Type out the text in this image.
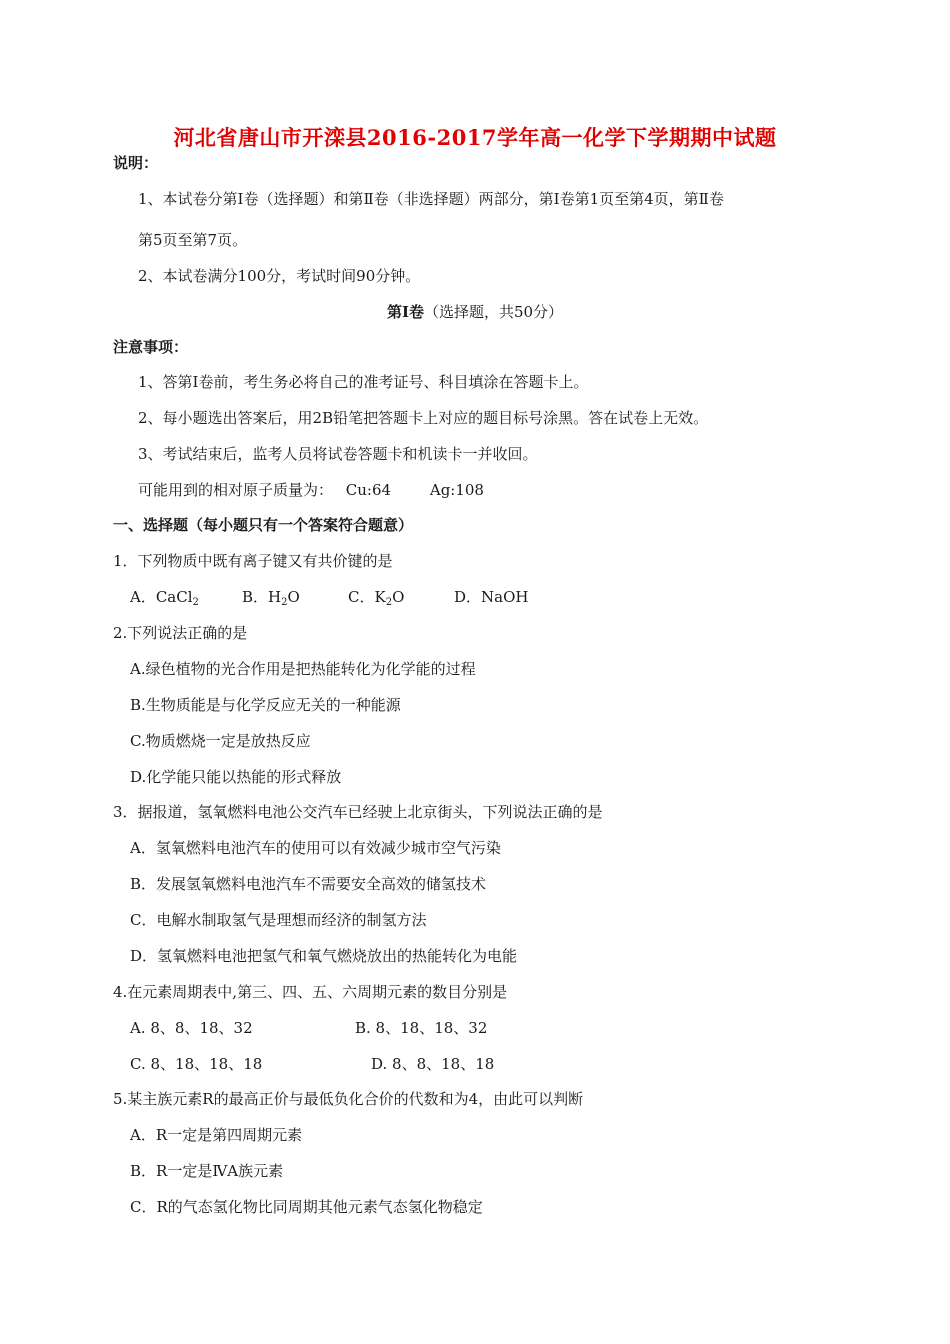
河北省唐山市开滦县2016-2017学年高一化学下学期期中试题
说明：
1、本试卷分第Ⅰ卷（选择题）和第Ⅱ卷（非选择题）两部分，第Ⅰ卷第1页至第4页，第Ⅱ卷
第5页至第7页。
2、本试卷满分100分，考试时间90分钟。
第Ⅰ卷（选择题，共50分）
注意事项：
1、答第Ⅰ卷前，考生务必将自己的准考证号、科目填涂在答题卡上。
2、每小题选出答案后，用2B铅笔把答题卡上对应的题目标号涂黑。答在试卷上无效。
3、考试结束后，监考人员将试卷答题卡和机读卡一并收回。
可能用到的相对原子质量为： Cu:64	Ag:108
一、选择题（每小题只有一个答案符合题意）
1．下列物质中既有离子键又有共价键的是
A．CaCl$_2$	B．$H_2O$	C．$K_2O$	D．NaOH
2.下列说法正确的是
A.绿色植物的光合作用是把热能转化为化学能的过程
B.生物质能是与化学反应无关的一种能源
C.物质燃烧一定是放热反应
D.化学能只能以热能的形式释放
3．据报道，氢氧燃料电池公交汽车已经驶上北京街头，下列说法正确的是
A．氢氧燃料电池汽车的使用可以有效减少城市空气污染
B．发展氢氧燃料电池汽车不需要安全高效的储氢技术
C．电解水制取氢气是理想而经济的制氢方法
D．氢氧燃料电池把氢气和氧气燃烧放出的热能转化为电能
4.在元素周期表中,第三、四、五、六周期元素的数目分别是
A. 8、8、18、32	B. 8、18、18、32
C. 8、18、18、18	D. 8、8、18、18
5.某主族元素R的最高正价与最低负化合价的代数和为4，由此可以判断
A．R一定是第四周期元素
B．R一定是ⅣA族元素
C．R的气态氢化物比同周期其他元素气态氢化物稳定
